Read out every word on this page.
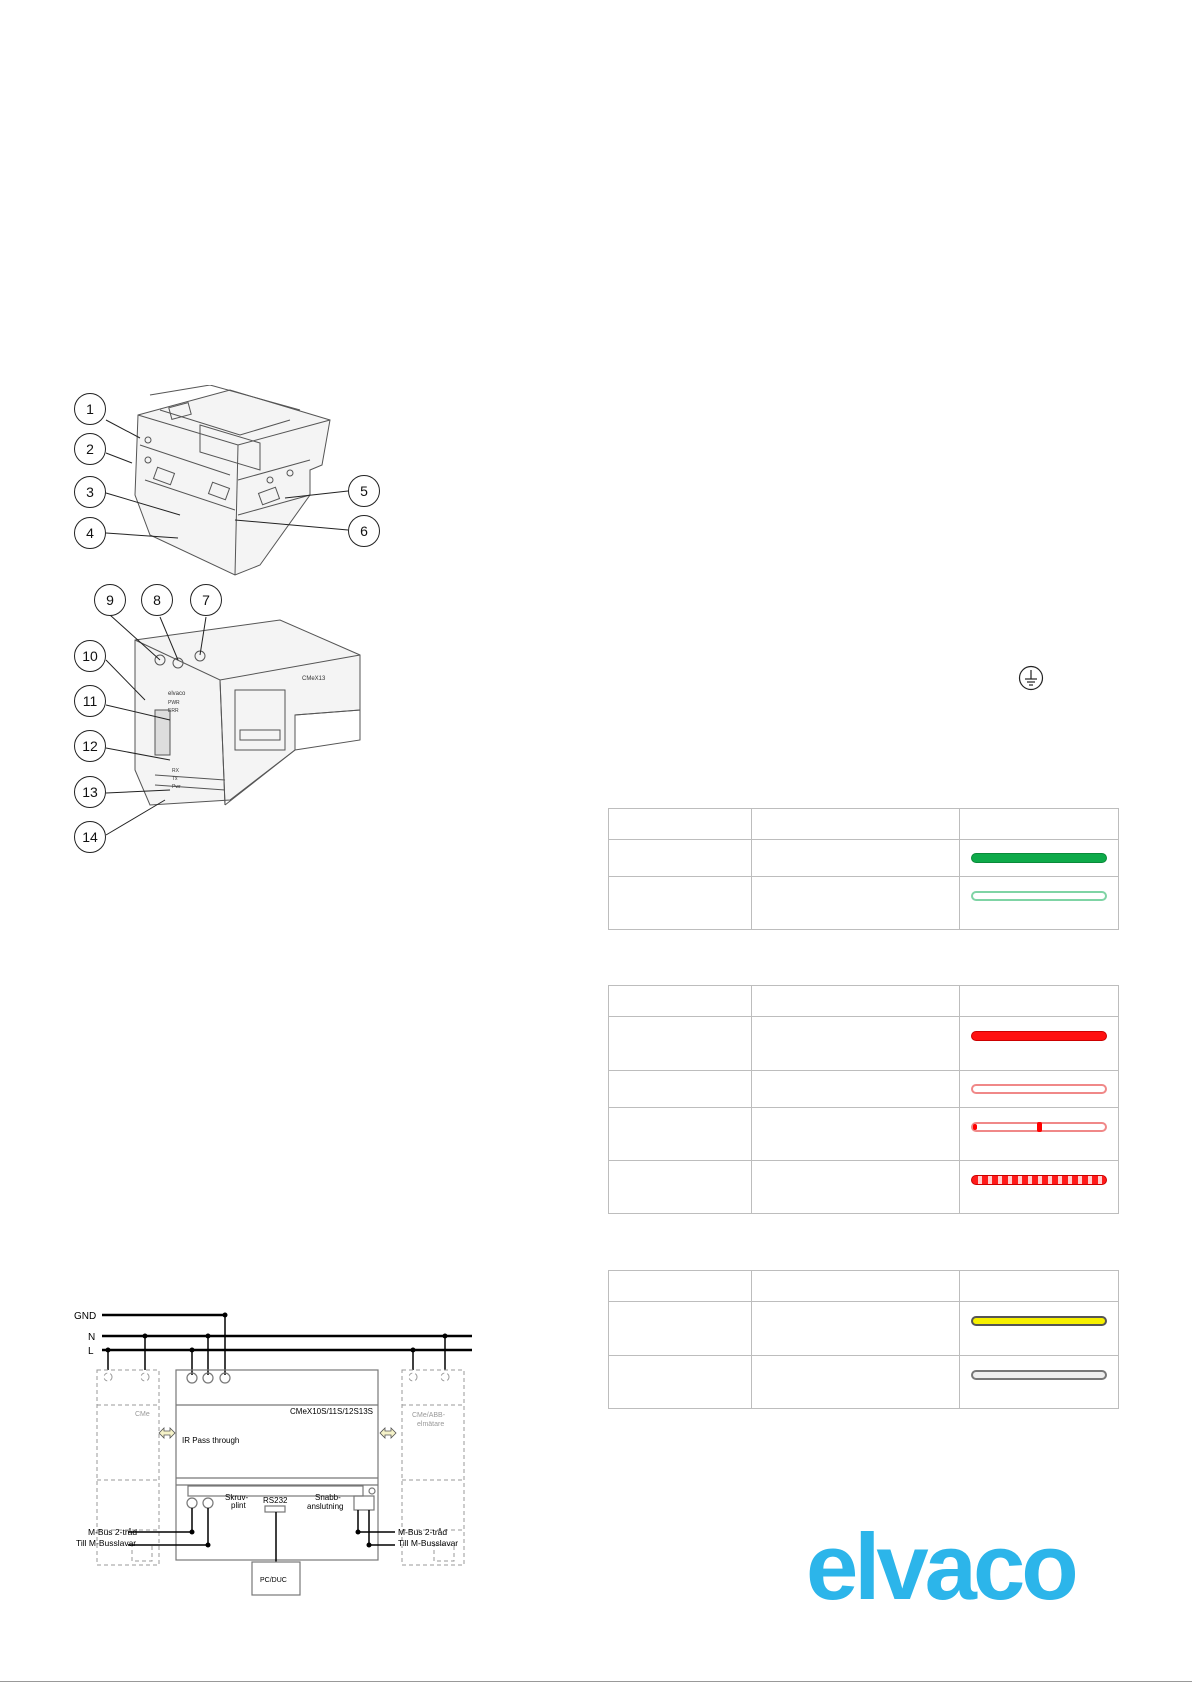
CMeX13
elvaco
PWR
ERR
RX
Tx
Pwr
1
2
3
4
5
6
7
8
9
10
11
12
13
14

GND
N
L
CMe	CMe/ABB-
elmätare
CMeX10S/11S/12S13S
IR Pass through
Skruv-
plint
RS232	Snabb-
anslutning
M-Bus 2-tråd
Till M-Busslavar
M-Bus 2-tråd
Till M-Busslavar
PC/DUC	elvaco
